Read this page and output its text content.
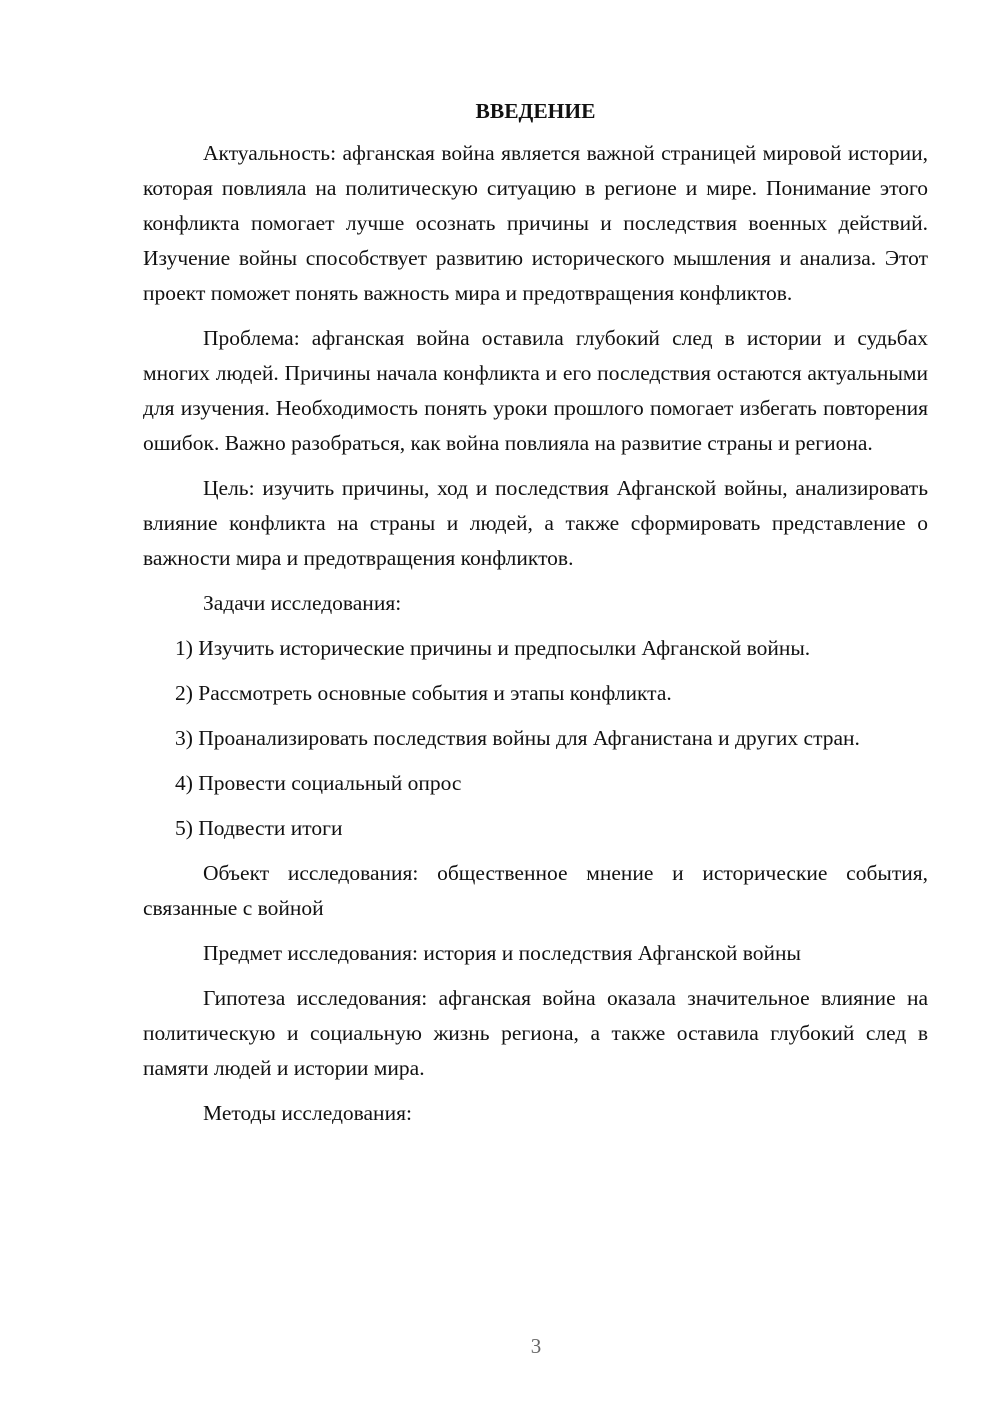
ВВЕДЕНИЕ

Актуальность: афганская война является важной страницей мировой истории, которая повлияла на политическую ситуацию в регионе и мире. Понимание этого конфликта помогает лучше осознать причины и последствия военных действий. Изучение войны способствует развитию исторического мышления и анализа. Этот проект поможет понять важность мира и предотвращения конфликтов.

Проблема: афганская война оставила глубокий след в истории и судьбах многих людей. Причины начала конфликта и его последствия остаются актуальными для изучения. Необходимость понять уроки прошлого помогает избегать повторения ошибок. Важно разобраться, как война повлияла на развитие страны и региона.

Цель: изучить причины, ход и последствия Афганской войны, анализировать влияние конфликта на страны и людей, а также сформировать представление о важности мира и предотвращения конфликтов.

Задачи исследования:

1) Изучить исторические причины и предпосылки Афганской войны.

2) Рассмотреть основные события и этапы конфликта.

3) Проанализировать последствия войны для Афганистана и других стран.

4) Провести социальный опрос

5) Подвести итоги

Объект исследования: общественное мнение и исторические события, связанные с войной

Предмет исследования: история и последствия Афганской войны

Гипотеза исследования: афганская война оказала значительное влияние на политическую и социальную жизнь региона, а также оставила глубокий след в памяти людей и истории мира.

Методы исследования:

3
